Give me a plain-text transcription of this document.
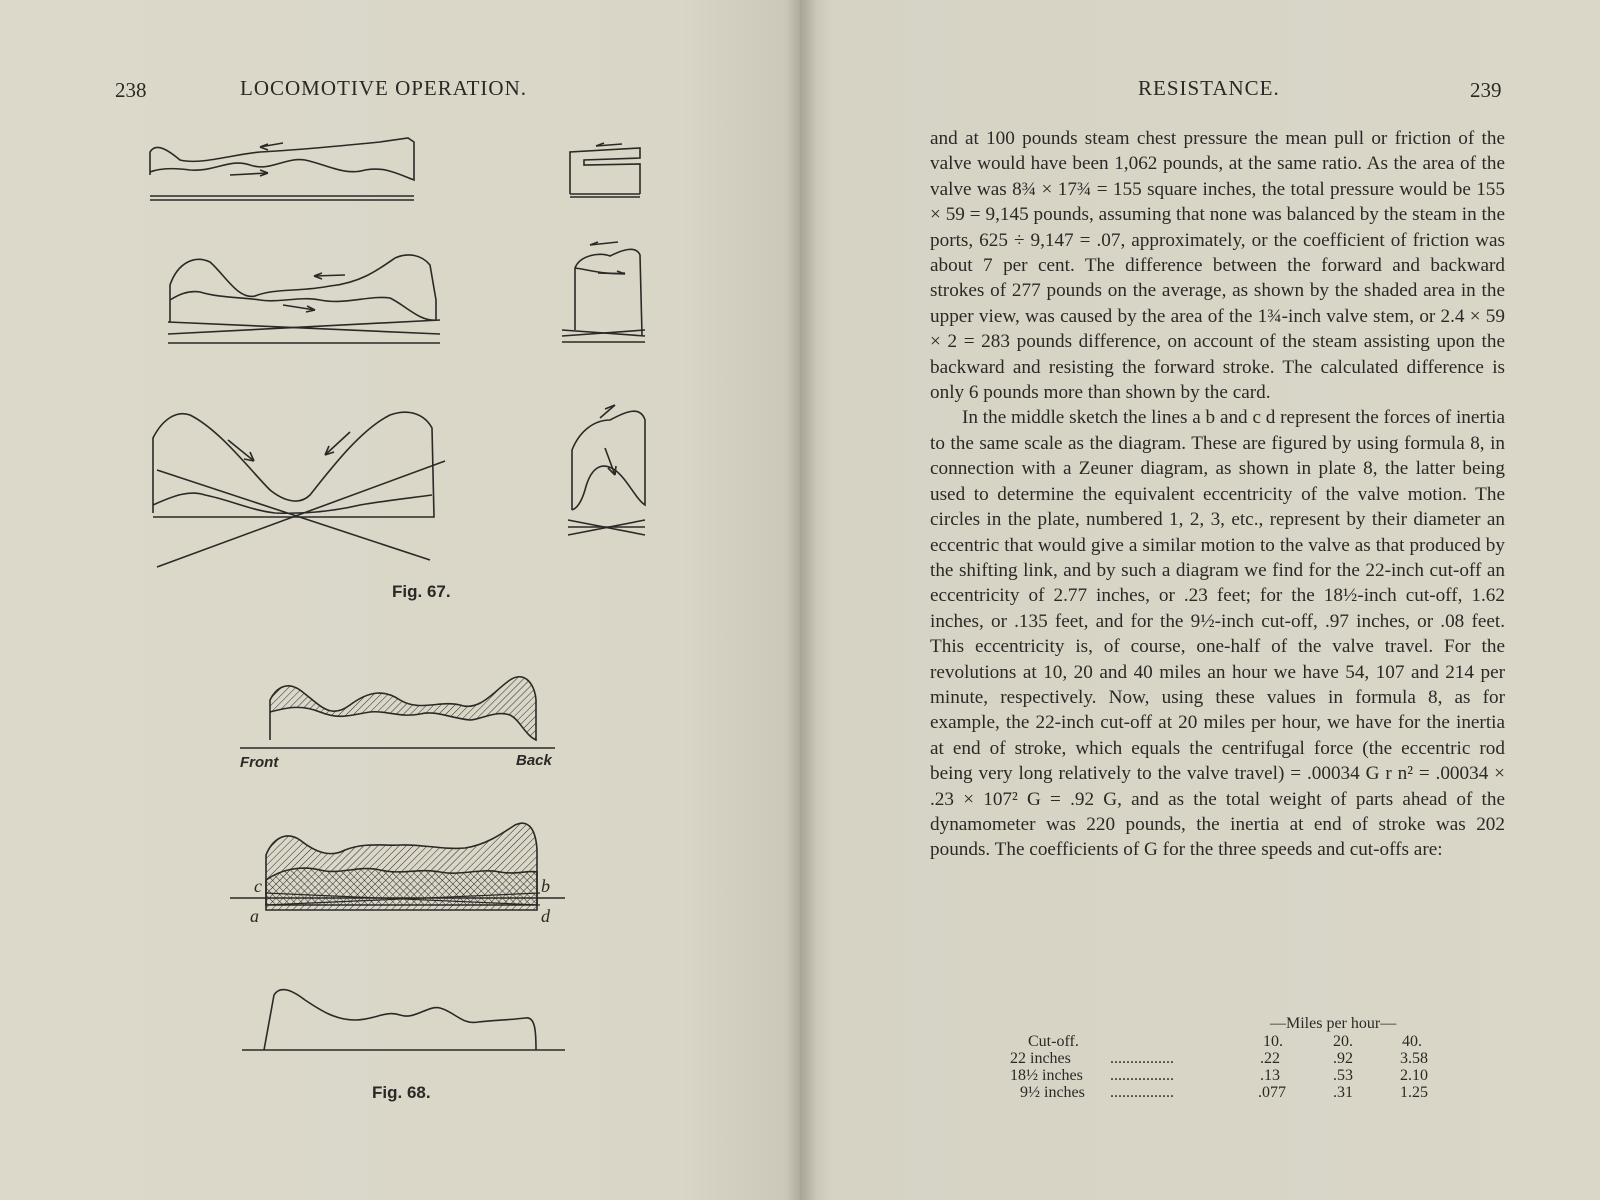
238	LOCOMOTIVE OPERATION.
Fig. 67.
Front	Back
c
a
b
d
Fig. 68.
RESISTANCE.	239

and at 100 pounds steam chest pressure the mean pull or friction of the valve would have been 1,062 pounds, at the same ratio. As the area of the valve was 8¾ × 17¾ = 155 square inches, the total pressure would be 155 × 59 = 9,145 pounds, assuming that none was balanced by the steam in the ports, 625 ÷ 9,147 = .07, approximately, or the coefficient of friction was about 7 per cent. The difference between the forward and backward strokes of 277 pounds on the average, as shown by the shaded area in the upper view, was caused by the area of the 1¾-inch valve stem, or 2.4 × 59 × 2 = 283 pounds difference, on account of the steam assisting upon the backward and resisting the forward stroke. The calculated difference is only 6 pounds more than shown by the card.

In the middle sketch the lines a b and c d represent the forces of inertia to the same scale as the diagram. These are figured by using formula 8, in connection with a Zeuner diagram, as shown in plate 8, the latter being used to determine the equivalent eccentricity of the valve motion. The circles in the plate, numbered 1, 2, 3, etc., represent by their diameter an eccentric that would give a similar motion to the valve as that produced by the shifting link, and by such a diagram we find for the 22-inch cut-off an eccentricity of 2.77 inches, or .23 feet; for the 18½-inch cut-off, 1.62 inches, or .135 feet, and for the 9½-inch cut-off, .97 inches, or .08 feet. This eccentricity is, of course, one-half of the valve travel. For the revolutions at 10, 20 and 40 miles an hour we have 54, 107 and 214 per minute, respectively. Now, using these values in formula 8, as for example, the 22-inch cut-off at 20 miles per hour, we have for the inertia at end of stroke, which equals the centrifugal force (the eccentric rod being very long relatively to the valve travel) = .00034 G r n² = .00034 × .23 × 107² G = .92 G, and as the total weight of parts ahead of the dynamometer was 220 pounds, the inertia at end of stroke was 202 pounds. The coefficients of G for the three speeds and cut-offs are:

—Miles per hour—
Cut-off.	10.	20.	40.
22 inches ................	.22	.92	3.58
18½ inches ................	.13	.53	2.10
9½ inches ................	.077	.31	1.25
